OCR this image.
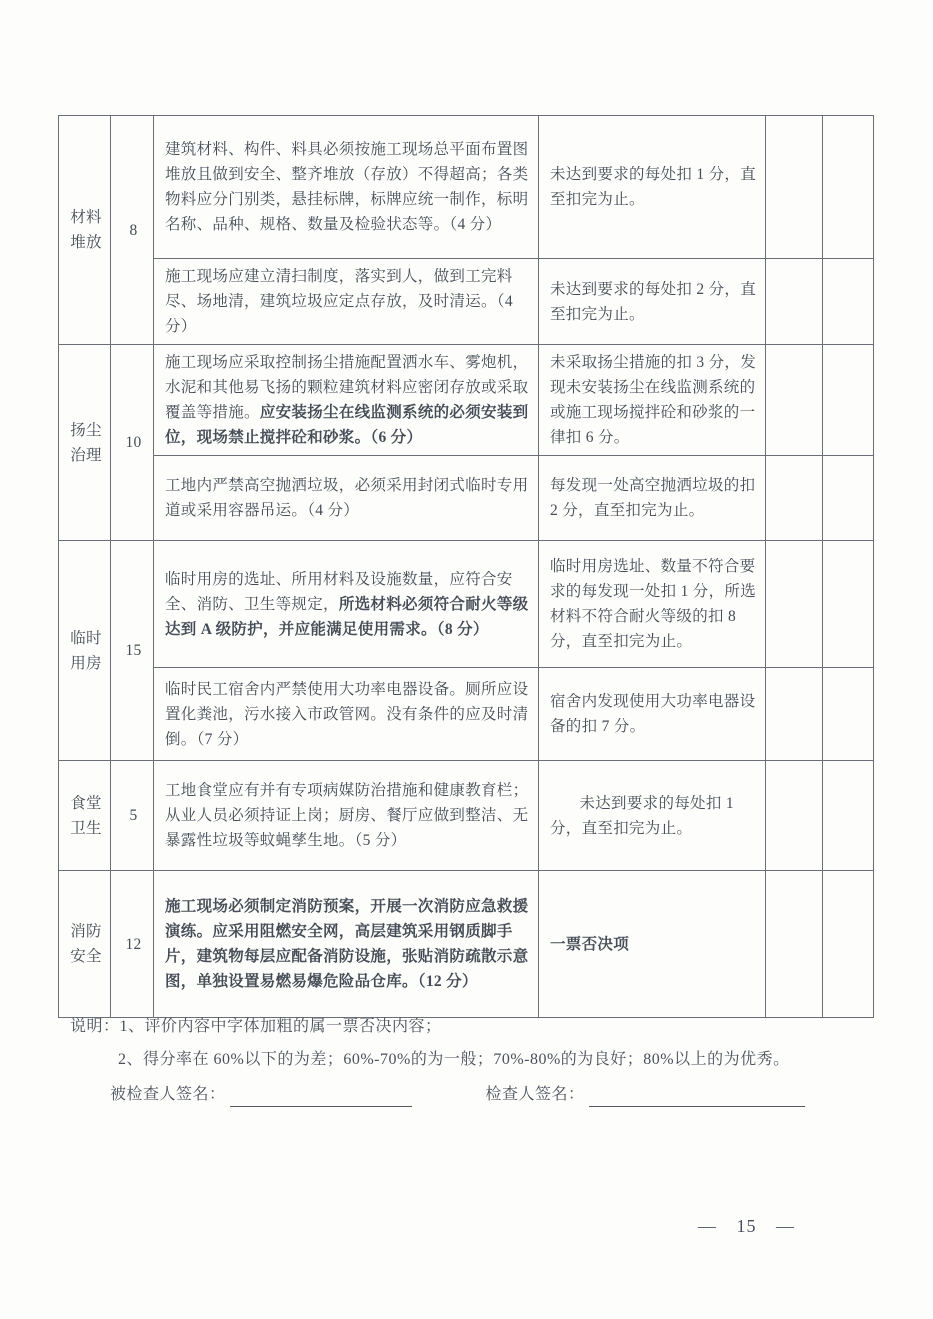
材料堆放	8	建筑材料、构件、料具必须按施工现场总平面布置图堆放且做到安全、整齐堆放（存放）不得超高；各类物料应分门别类，悬挂标牌，标牌应统一制作，标明名称、品种、规格、数量及检验状态等。（4 分）	未达到要求的每处扣 1 分，直至扣完为止。		
		施工现场应建立清扫制度，落实到人，做到工完料尽、场地清，建筑垃圾应定点存放，及时清运。（4 分）	未达到要求的每处扣 2 分，直至扣完为止。		
扬尘治理	10	施工现场应采取控制扬尘措施配置洒水车、雾炮机，水泥和其他易飞扬的颗粒建筑材料应密闭存放或采取覆盖等措施。应安装扬尘在线监测系统的必须安装到位，现场禁止搅拌砼和砂浆。（6 分）	未采取扬尘措施的扣 3 分，发现未安装扬尘在线监测系统的或施工现场搅拌砼和砂浆的一律扣 6 分。		
		工地内严禁高空抛洒垃圾，必须采用封闭式临时专用道或采用容器吊运。（4 分）	每发现一处高空抛洒垃圾的扣 2 分，直至扣完为止。		
临时用房	15	临时用房的选址、所用材料及设施数量，应符合安全、消防、卫生等规定，所选材料必须符合耐火等级达到 A 级防护，并应能满足使用需求。（8 分）	临时用房选址、数量不符合要求的每发现一处扣 1 分，所选材料不符合耐火等级的扣 8 分，直至扣完为止。		
		临时民工宿舍内严禁使用大功率电器设备。厕所应设置化粪池，污水接入市政管网。没有条件的应及时清倒。（7 分）	宿舍内发现使用大功率电器设备的扣 7 分。		
食堂卫生	5	工地食堂应有并有专项病媒防治措施和健康教育栏；从业人员必须持证上岗；厨房、餐厅应做到整洁、无暴露性垃圾等蚊蝇孳生地。（5 分）	未达到要求的每处扣 1 分，直至扣完为止。		

消防安全	12	施工现场必须制定消防预案，开展一次消防应急救援演练。应采用阻燃安全网，高层建筑采用钢质脚手片，建筑物每层应配备消防设施，张贴消防疏散示意图，单独设置易燃易爆危险品仓库。（12 分）	一票否决项		
说明：1、评价内容中字体加粗的属一票否决内容；
2、得分率在 60%以下的为差；60%-70%的为一般；70%-80%的为良好；80%以上的为优秀。
被检查人签名：	检查人签名：
— 15 —
